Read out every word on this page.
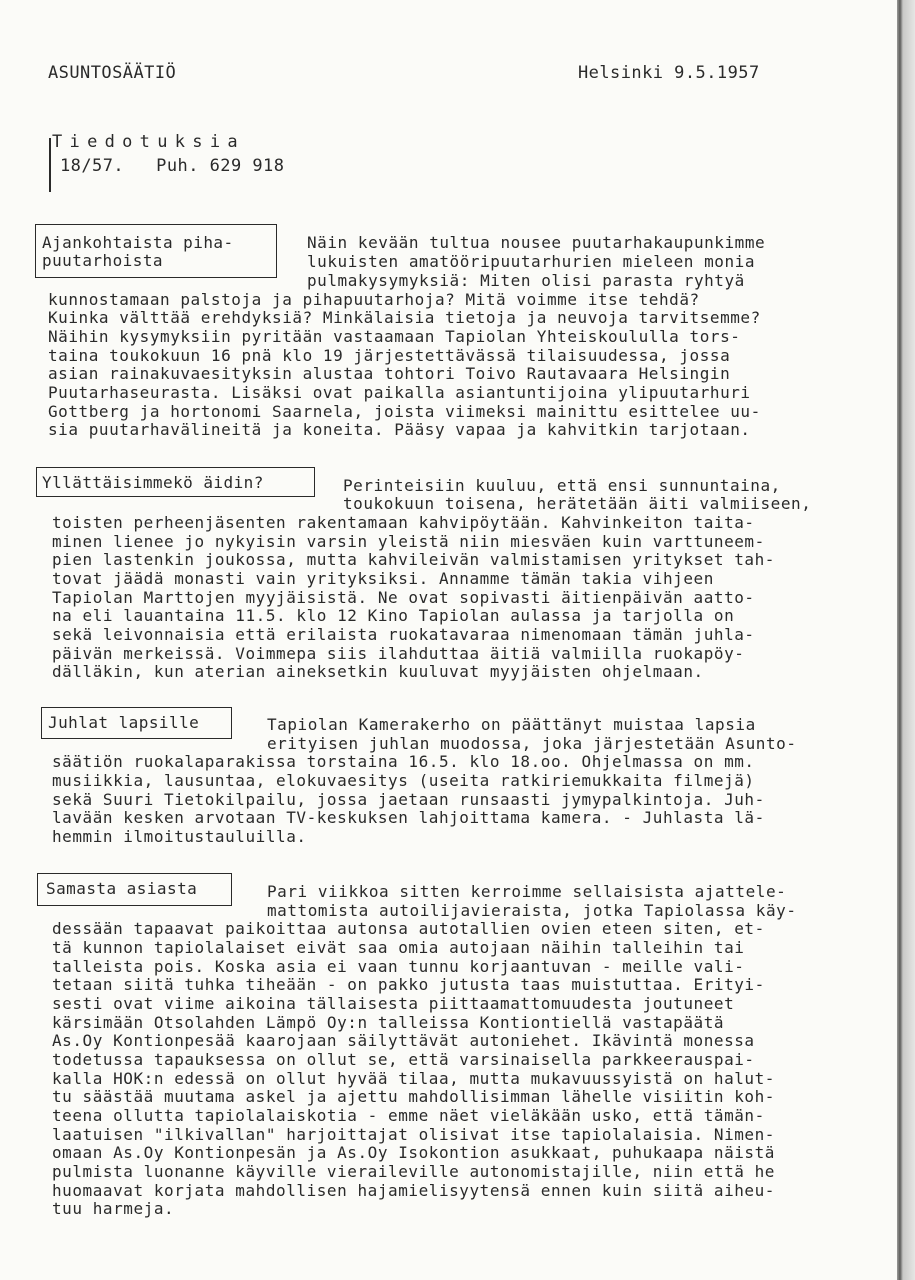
ASUNTOSÄÄTIÖ	Helsinki 9.5.1957
Tiedotuksia
18/57.   Puh. 629 918
Ajankohtaista piha-
puutarhoista
Näin kevään tultua nousee puutarhakaupunkimme
lukuisten amatööripuutarhurien mieleen monia
pulmakysymyksiä: Miten olisi parasta ryhtyä
kunnostamaan palstoja ja pihapuutarhoja? Mitä voimme itse tehdä?
Kuinka välttää erehdyksiä? Minkälaisia tietoja ja neuvoja tarvitsemme?
Näihin kysymyksiin pyritään vastaamaan Tapiolan Yhteiskoululla tors-
taina toukokuun 16 pnä klo 19 järjestettävässä tilaisuudessa, jossa
asian rainakuvaesityksin alustaa tohtori Toivo Rautavaara Helsingin
Puutarhaseurasta. Lisäksi ovat paikalla asiantuntijoina ylipuutarhuri
Gottberg ja hortonomi Saarnela, joista viimeksi mainittu esittelee uu-
sia puutarhavälineitä ja koneita. Pääsy vapaa ja kahvitkin tarjotaan.
Yllättäisimmekö äidin?	Perinteisiin kuuluu, että ensi sunnuntaina,
toukokuun toisena, herätetään äiti valmiiseen,
toisten perheenjäsenten rakentamaan kahvipöytään. Kahvinkeiton taita-
minen lienee jo nykyisin varsin yleistä niin miesväen kuin varttuneem-
pien lastenkin joukossa, mutta kahvileivän valmistamisen yritykset tah-
tovat jäädä monasti vain yrityksiksi. Annamme tämän takia vihjeen
Tapiolan Marttojen myyjäisistä. Ne ovat sopivasti äitienpäivän aatto-
na eli lauantaina 11.5. klo 12 Kino Tapiolan aulassa ja tarjolla on
sekä leivonnaisia että erilaista ruokatavaraa nimenomaan tämän juhla-
päivän merkeissä. Voimmepa siis ilahduttaa äitiä valmiilla ruokapöy-
dälläkin, kun aterian aineksetkin kuuluvat myyjäisten ohjelmaan.
Juhlat lapsille	Tapiolan Kamerakerho on päättänyt muistaa lapsia
erityisen juhlan muodossa, joka järjestetään Asunto-
säätiön ruokalaparakissa torstaina 16.5. klo 18.oo. Ohjelmassa on mm.
musiikkia, lausuntaa, elokuvaesitys (useita ratkiriemukkaita filmejä)
sekä Suuri Tietokilpailu, jossa jaetaan runsaasti jymypalkintoja. Juh-
lavään kesken arvotaan TV-keskuksen lahjoittama kamera. - Juhlasta lä-
hemmin ilmoitustauluilla.
Samasta asiasta	Pari viikkoa sitten kerroimme sellaisista ajattele-
mattomista autoilijavieraista, jotka Tapiolassa käy-
dessään tapaavat paikoittaa autonsa autotallien ovien eteen siten, et-
tä kunnon tapiolalaiset eivät saa omia autojaan näihin talleihin tai
talleista pois. Koska asia ei vaan tunnu korjaantuvan - meille vali-
tetaan siitä tuhka tiheään - on pakko jutusta taas muistuttaa. Erityi-
sesti ovat viime aikoina tällaisesta piittaamattomuudesta joutuneet
kärsimään Otsolahden Lämpö Oy:n talleissa Kontiontiellä vastapäätä
As.Oy Kontionpesää kaarojaan säilyttävät autoniehet. Ikävintä monessa
todetussa tapauksessa on ollut se, että varsinaisella parkkeerauspai-
kalla HOK:n edessä on ollut hyvää tilaa, mutta mukavuussyistä on halut-
tu säästää muutama askel ja ajettu mahdollisimman lähelle visiitin koh-
teena ollutta tapiolalaiskotia - emme näet vieläkään usko, että tämän-
laatuisen "ilkivallan" harjoittajat olisivat itse tapiolalaisia. Nimen-
omaan As.Oy Kontionpesän ja As.Oy Isokontion asukkaat, puhukaapa näistä
pulmista luonanne käyville vieraileville autonomistajille, niin että he
huomaavat korjata mahdollisen hajamielisyytensä ennen kuin siitä aiheu-
tuu harmeja.
